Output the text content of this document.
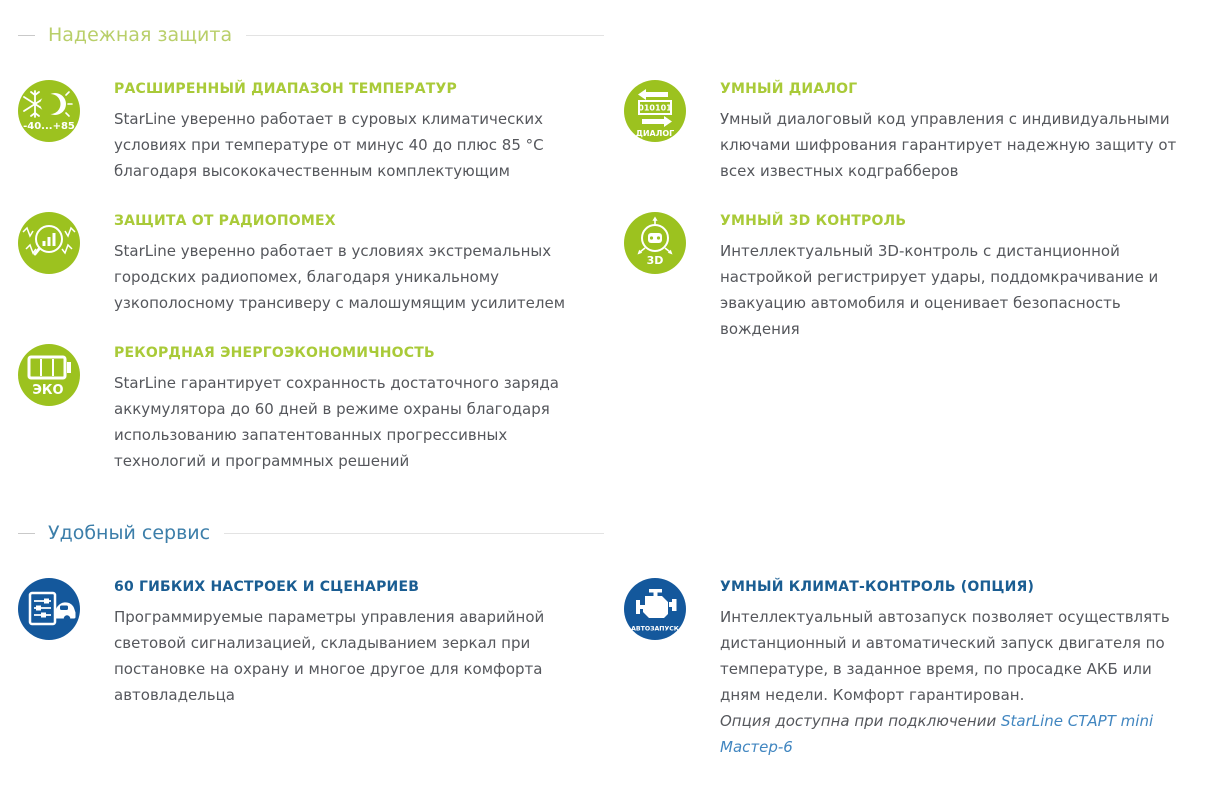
Надежная защита
-40...+85
РАСШИРЕННЫЙ ДИАПАЗОН ТЕМПЕРАТУР

StarLine уверенно работает в суровых климатических условиях при температуре от минус 40 до плюс 85 °C благодаря высококачественным комплектующим

ЗАЩИТА ОТ РАДИОПОМЕХ

StarLine уверенно работает в условиях экстремальных городских радиопомех, благодаря уникальному узкополосному трансиверу с малошумящим усилителем

ЭКО
РЕКОРДНАЯ ЭНЕРГОЭКОНОМИЧНОСТЬ

StarLine гарантирует сохранность достаточного заряда аккумулятора до 60 дней в режиме охраны благодаря использованию запатентованных прогрессивных технологий и программных решений

010101
ДИАЛОГ
УМНЫЙ ДИАЛОГ

Умный диалоговый код управления с индивидуальными ключами шифрования гарантирует надежную защиту от всех известных кодграбберов

3D
УМНЫЙ 3D КОНТРОЛЬ

Интеллектуальный 3D-контроль с дистанционной настройкой регистрирует удары, поддомкрачивание и эвакуацию автомобиля и оценивает безопасность вождения

Удобный сервис
60 ГИБКИХ НАСТРОЕК И СЦЕНАРИЕВ

Программируемые параметры управления аварийной световой сигнализацией, складыванием зеркал при постановке на охрану и многое другое для комфорта автовладельца

АВТОЗАПУСК
УМНЫЙ КЛИМАТ-КОНТРОЛЬ (ОПЦИЯ)

Интеллектуальный автозапуск позволяет осуществлять дистанционный и автоматический запуск двигателя по температуре, в заданное время, по просадке АКБ или дням недели. Комфорт гарантирован.

Опция доступна при подключении StarLine СТАРТ mini Мастер-6
